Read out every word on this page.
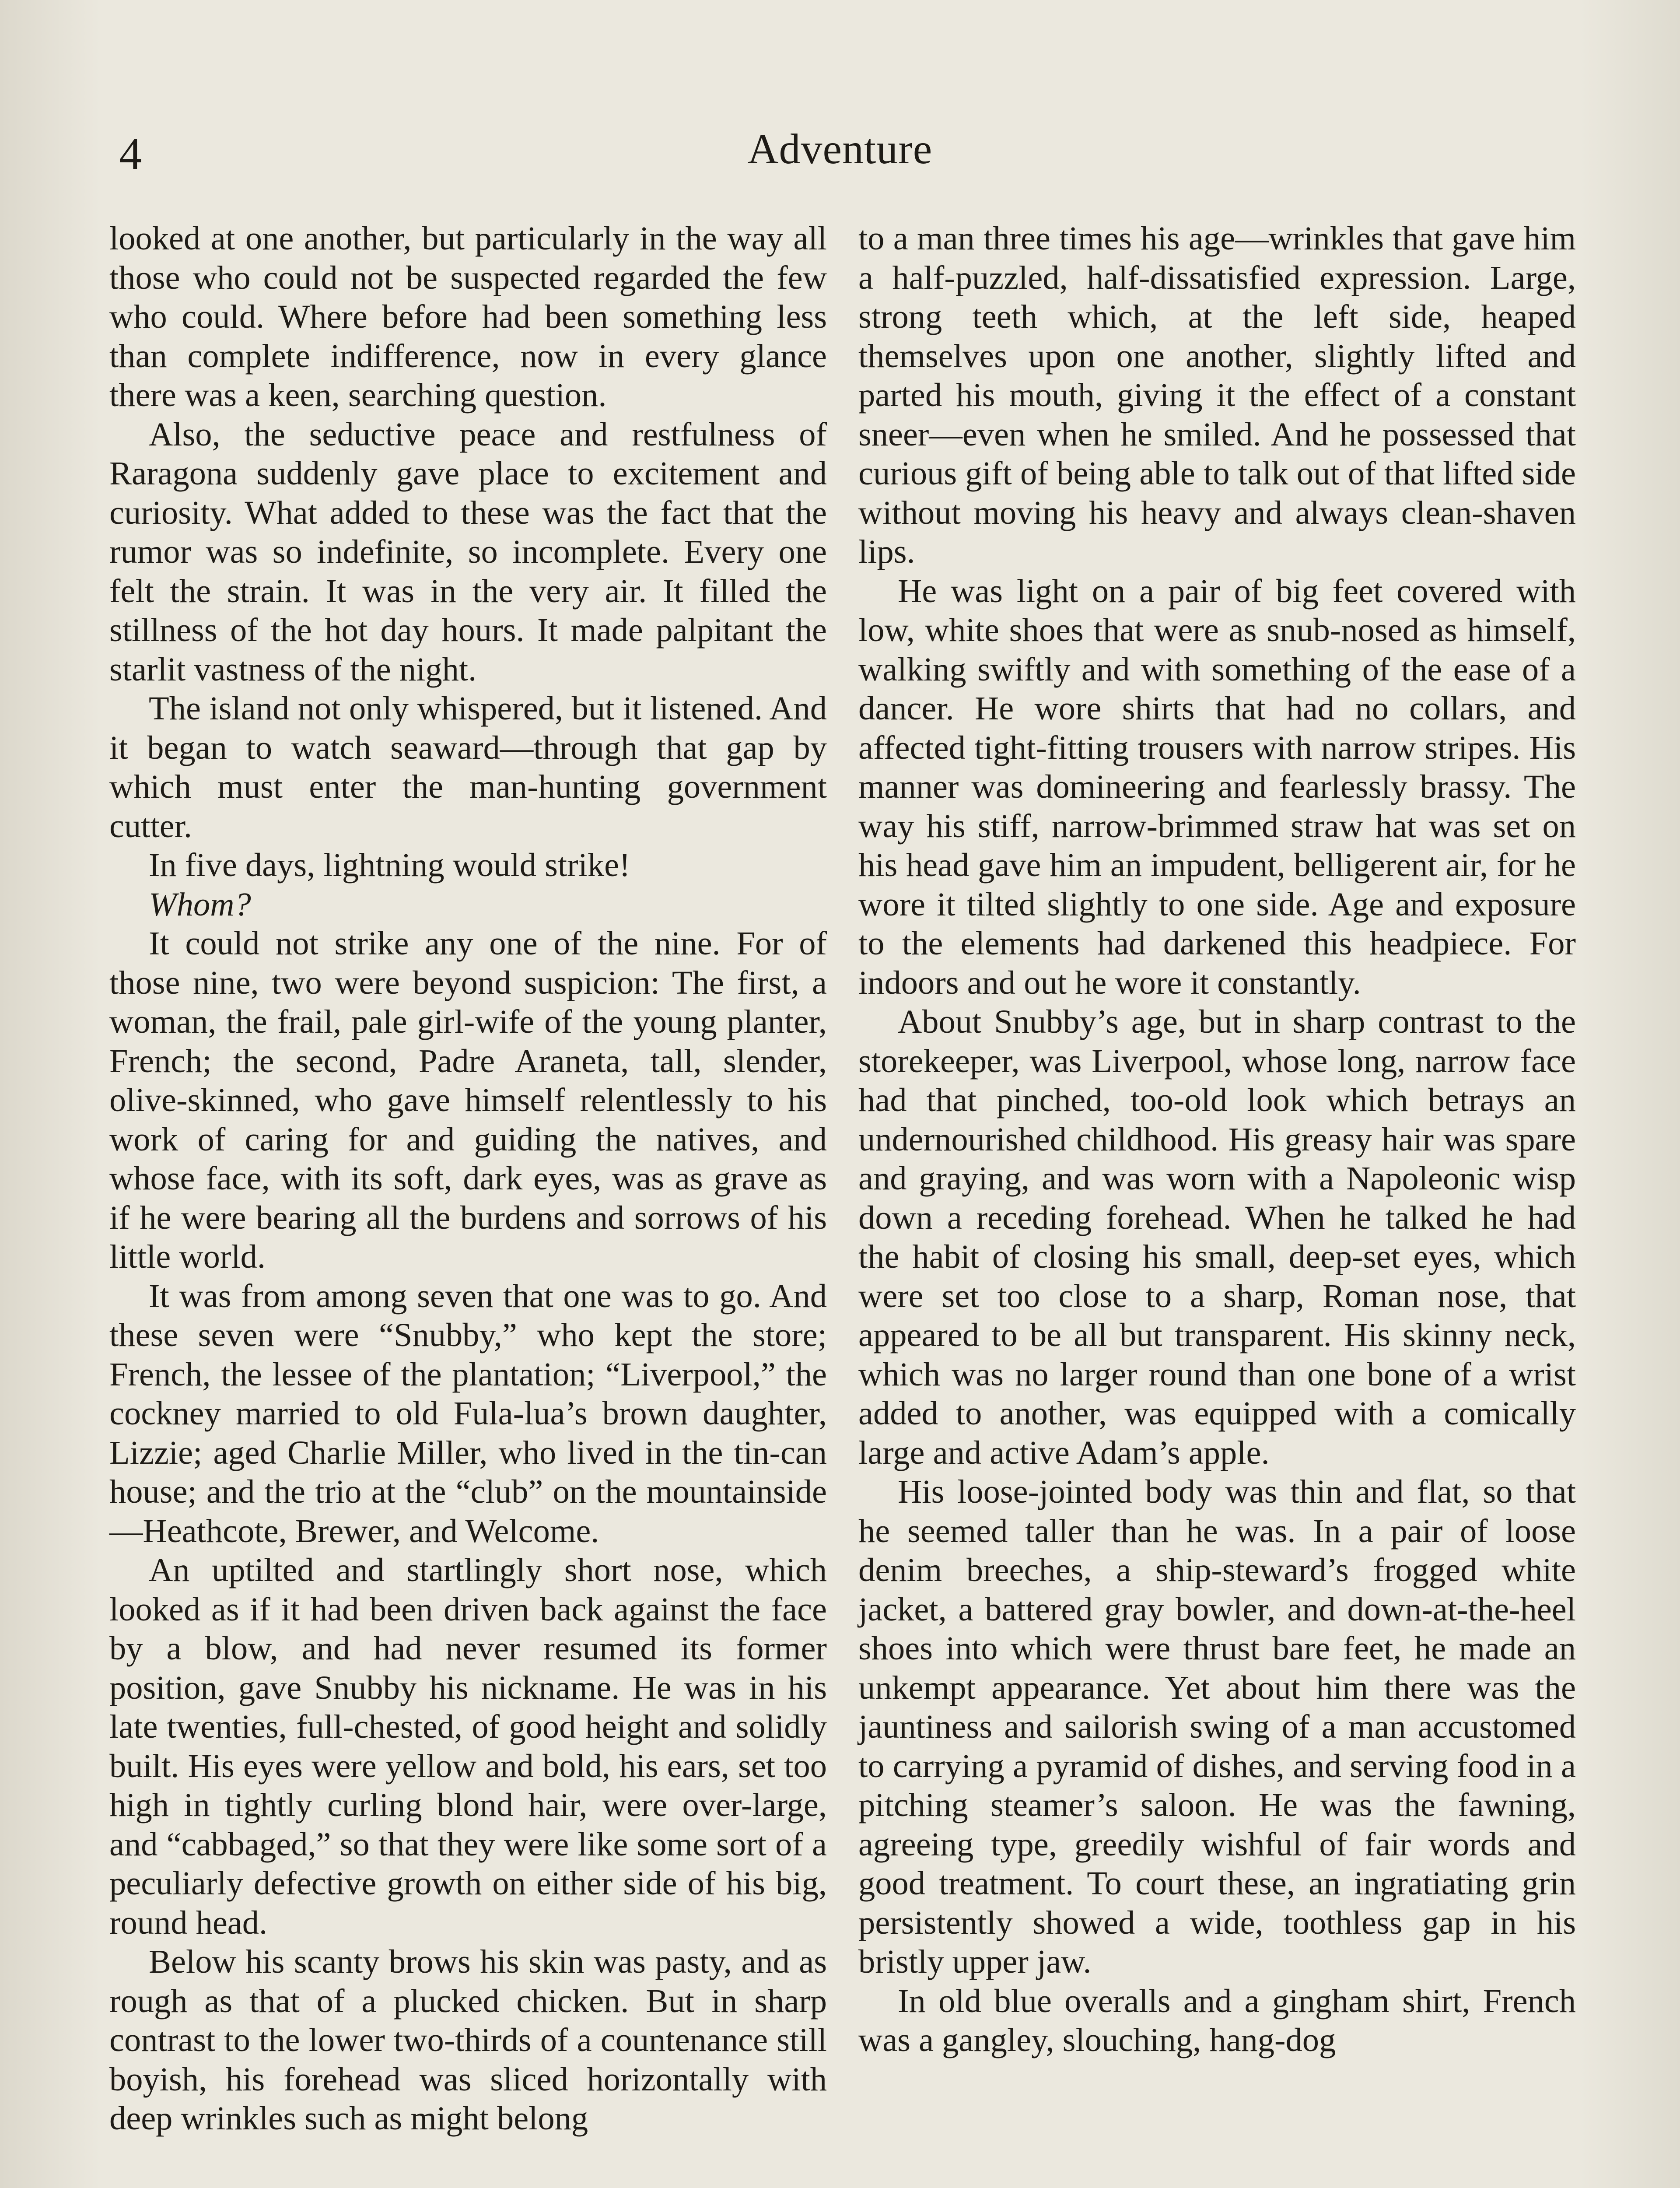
4	Adventure

looked at one another, but particularly in the way all those who could not be suspected regarded the few who could. Where before had been something less than complete indifference, now in every glance there was a keen, searching question.

Also, the seductive peace and restfulness of Raragona suddenly gave place to excitement and curiosity. What added to these was the fact that the rumor was so indefinite, so incomplete. Every one felt the strain. It was in the very air. It filled the stillness of the hot day hours. It made palpitant the starlit vastness of the night.

The island not only whispered, but it listened. And it began to watch seaward—through that gap by which must enter the man-hunting government cutter.

In five days, lightning would strike!

Whom?

It could not strike any one of the nine. For of those nine, two were beyond suspicion: The first, a woman, the frail, pale girl-wife of the young planter, French; the second, Padre Araneta, tall, slender, olive-skinned, who gave himself relentlessly to his work of caring for and guiding the natives, and whose face, with its soft, dark eyes, was as grave as if he were bearing all the burdens and sorrows of his little world.

It was from among seven that one was to go. And these seven were “Snubby,” who kept the store; French, the lessee of the plantation; “Liverpool,” the cockney married to old Fula-lua’s brown daughter, Lizzie; aged Charlie Miller, who lived in the tin-can house; and the trio at the “club” on the mountainside—Heathcote, Brewer, and Welcome.

An uptilted and startlingly short nose, which looked as if it had been driven back against the face by a blow, and had never resumed its former position, gave Snubby his nickname. He was in his late twenties, full-chested, of good height and solidly built. His eyes were yellow and bold, his ears, set too high in tightly curling blond hair, were over-large, and “cabbaged,” so that they were like some sort of a peculiarly defective growth on either side of his big, round head.

Below his scanty brows his skin was pasty, and as rough as that of a plucked chicken. But in sharp contrast to the lower two-thirds of a countenance still boyish, his forehead was sliced horizontally with deep wrinkles such as might belong

to a man three times his age—wrinkles that gave him a half-puzzled, half-dissatisfied expression. Large, strong teeth which, at the left side, heaped themselves upon one another, slightly lifted and parted his mouth, giving it the effect of a constant sneer—even when he smiled. And he possessed that curious gift of being able to talk out of that lifted side without moving his heavy and always clean-shaven lips.

He was light on a pair of big feet covered with low, white shoes that were as snub-nosed as himself, walking swiftly and with something of the ease of a dancer. He wore shirts that had no collars, and affected tight-fitting trousers with narrow stripes. His manner was domineering and fearlessly brassy. The way his stiff, narrow-brimmed straw hat was set on his head gave him an impudent, belligerent air, for he wore it tilted slightly to one side. Age and exposure to the elements had darkened this headpiece. For indoors and out he wore it constantly.

About Snubby’s age, but in sharp contrast to the storekeeper, was Liverpool, whose long, narrow face had that pinched, too-old look which betrays an undernourished childhood. His greasy hair was spare and graying, and was worn with a Napoleonic wisp down a receding forehead. When he talked he had the habit of closing his small, deep-set eyes, which were set too close to a sharp, Roman nose, that appeared to be all but transparent. His skinny neck, which was no larger round than one bone of a wrist added to another, was equipped with a comically large and active Adam’s apple.

His loose-jointed body was thin and flat, so that he seemed taller than he was. In a pair of loose denim breeches, a ship-steward’s frogged white jacket, a battered gray bowler, and down-at-the-heel shoes into which were thrust bare feet, he made an unkempt appearance. Yet about him there was the jauntiness and sailorish swing of a man accustomed to carrying a pyramid of dishes, and serving food in a pitching steamer’s saloon. He was the fawning, agreeing type, greedily wishful of fair words and good treatment. To court these, an ingratiating grin persistently showed a wide, toothless gap in his bristly upper jaw.

In old blue overalls and a gingham shirt, French was a gangley, slouching, hang-dog
